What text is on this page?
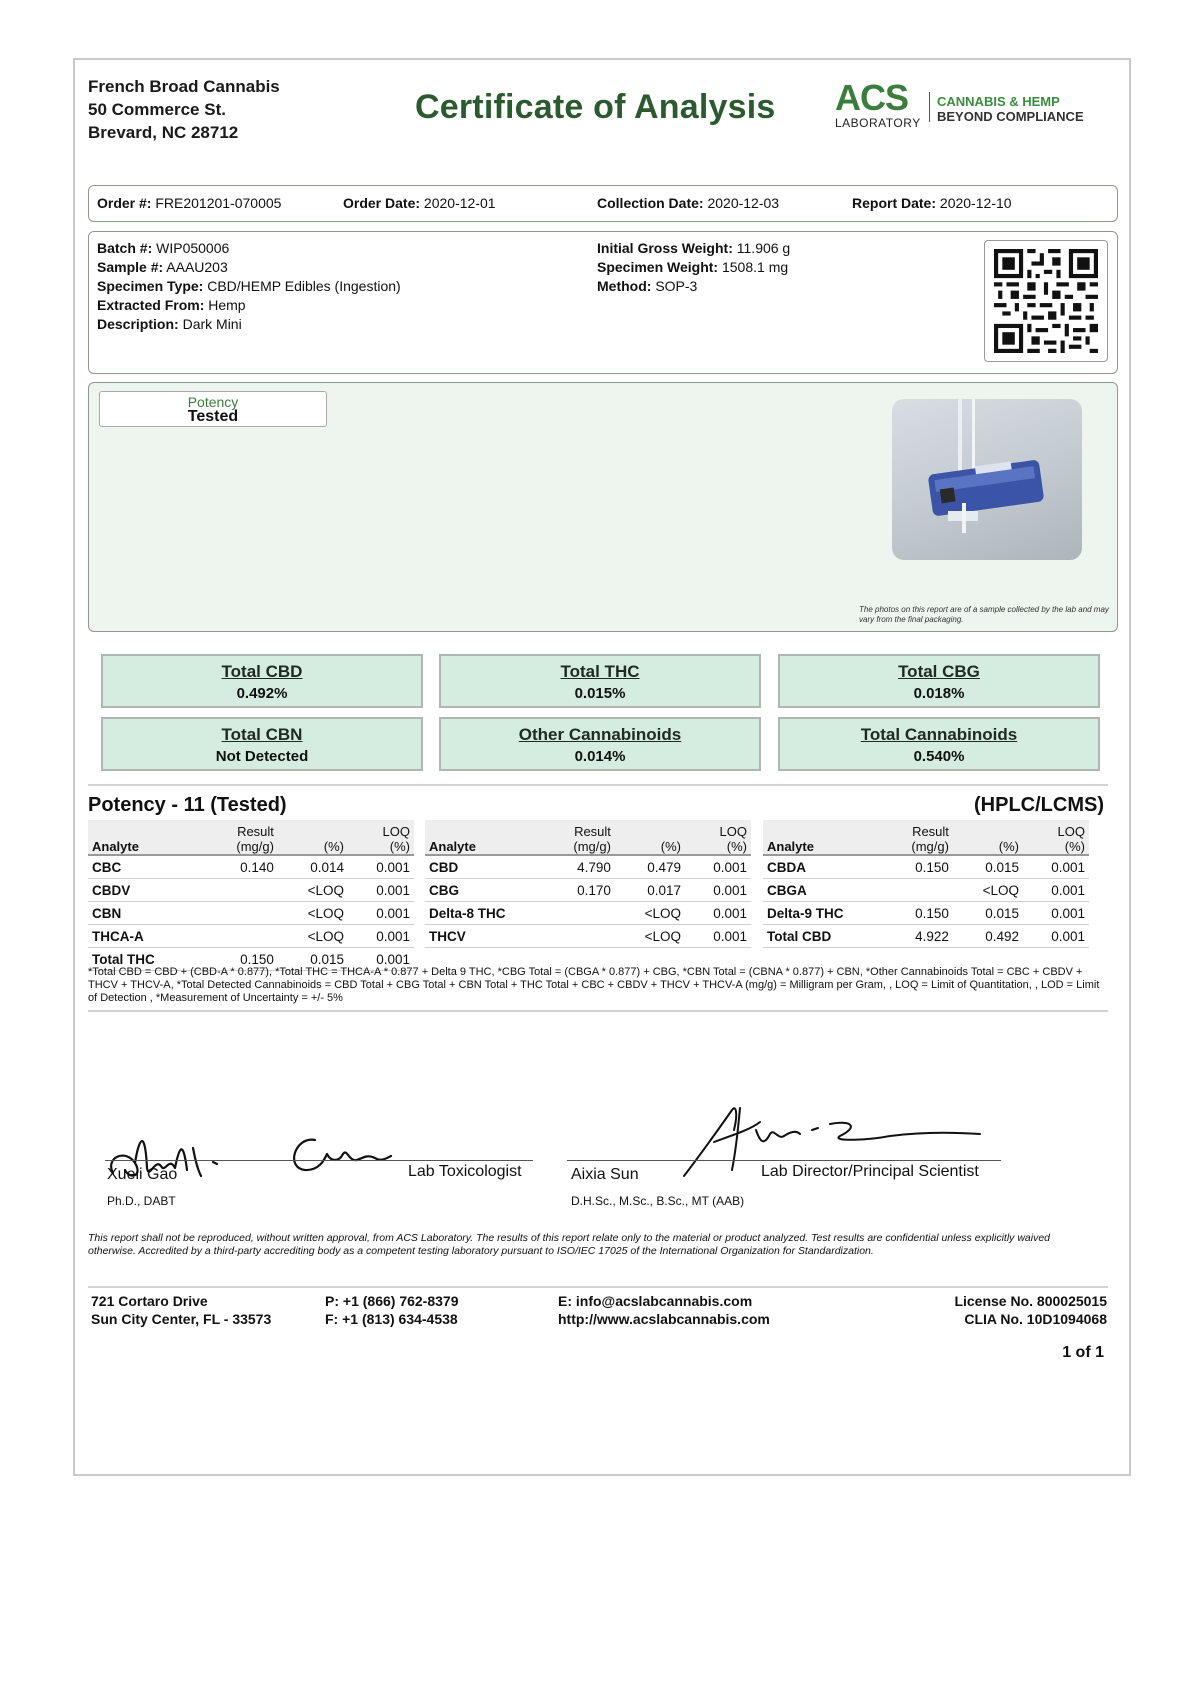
French Broad Cannabis
50 Commerce St.
Brevard, NC 28712
Certificate of Analysis ACS
LABORATORY
CANNABIS & HEMP
BEYOND COMPLIANCE
Order #: FRE201201-070005	Order Date: 2020-12-01	Collection Date: 2020-12-03	Report Date: 2020-12-10
Batch #: WIP050006
Sample #: AAAU203
Specimen Type: CBD/HEMP Edibles (Ingestion)
Extracted From: Hemp
Description: Dark Mini
Initial Gross Weight: 11.906 g
Specimen Weight: 1508.1 mg
Method: SOP-3
Potency
Tested
The photos on this report are of a sample collected by the lab and may vary from the final packaging.
Total CBD
0.492%
Total THC
0.015%
Total CBG
0.018%
Total CBN
Not Detected
Other Cannabinoids
0.014%
Total Cannabinoids
0.540%
Potency - 11 (Tested)	(HPLC/LCMS)
Analyte	Result
(mg/g)	(%)	LOQ
(%)
CBC	0.140	0.014	0.001
CBDV		<LOQ	0.001
CBN		<LOQ	0.001
THCA-A		<LOQ	0.001
Total THC	0.150	0.015	0.001
Analyte	Result
(mg/g)	(%)	LOQ
(%)
CBD	4.790	0.479	0.001
CBG	0.170	0.017	0.001
Delta-8 THC		<LOQ	0.001
THCV		<LOQ	0.001
Analyte	Result
(mg/g)	(%)	LOQ
(%)
CBDA	0.150	0.015	0.001
CBGA		<LOQ	0.001
Delta-9 THC	0.150	0.015	0.001
Total CBD	4.922	0.492	0.001
*Total CBD = CBD + (CBD-A * 0.877), *Total THC = THCA-A * 0.877 + Delta 9 THC, *CBG Total = (CBGA * 0.877) + CBG, *CBN Total = (CBNA * 0.877) + CBN, *Other Cannabinoids Total = CBC + CBDV + THCV + THCV-A, *Total Detected Cannabinoids = CBD Total + CBG Total + CBN Total + THC Total + CBC + CBDV + THCV + THCV-A (mg/g) = Milligram per Gram, , LOQ = Limit of Quantitation, , LOD = Limit of Detection , *Measurement of Uncertainty = +/- 5%
Xueli Gao	Lab Toxicologist
Ph.D., DABT
Aixia Sun	Lab Director/Principal Scientist
D.H.Sc., M.Sc., B.Sc., MT (AAB)
This report shall not be reproduced, without written approval, from ACS Laboratory. The results of this report relate only to the material or product analyzed. Test results are confidential unless explicitly waived otherwise. Accredited by a third-party accrediting body as a competent testing laboratory pursuant to ISO/IEC 17025 of the International Organization for Standardization.
721 Cortaro Drive
Sun City Center, FL - 33573
P: +1 (866) 762-8379
F: +1 (813) 634-4538
E: info@acslabcannabis.com
http://www.acslabcannabis.com
License No. 800025015
CLIA No. 10D1094068
1 of 1
